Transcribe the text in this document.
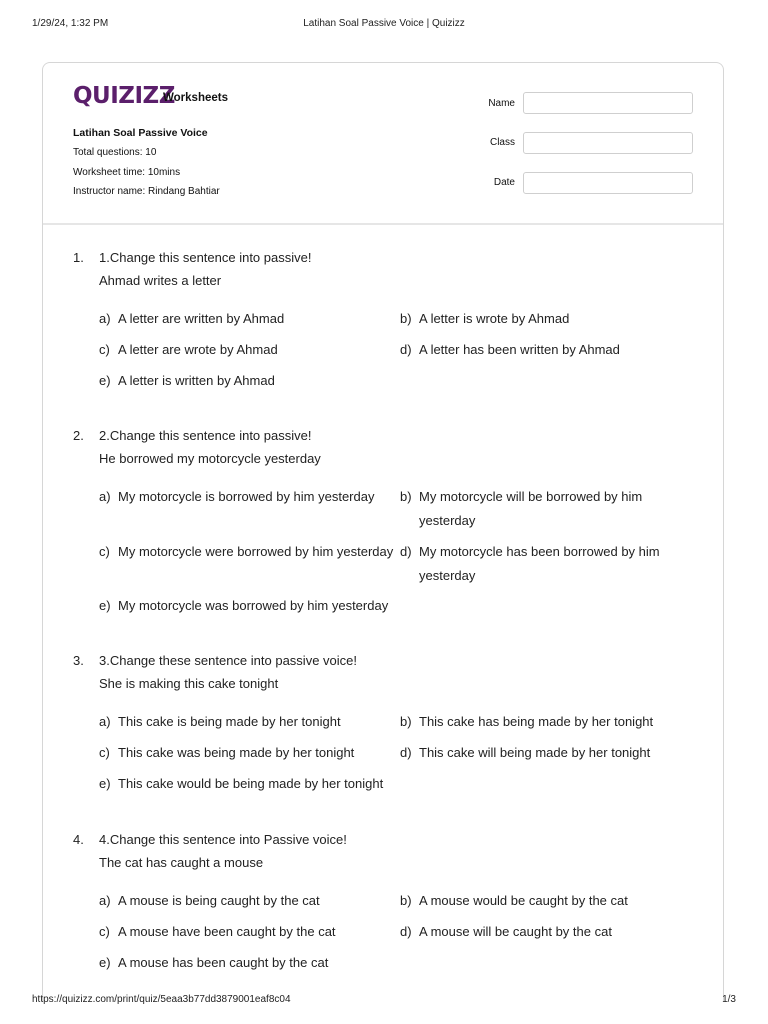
1/29/24, 1:32 PM	Latihan Soal Passive Voice | Quizizz
QUIZIZZ
Worksheets
Latihan Soal Passive Voice
Total questions: 10
Worksheet time: 10mins
Instructor name: Rindang Bahtiar
Name
Class
Date
1. 1.Change this sentence into passive!
Ahmad writes a letter
a) A letter are written by Ahmad	b) A letter is wrote by Ahmad
c) A letter are wrote by Ahmad	d) A letter has been written by Ahmad
e) A letter is written by Ahmad
2. 2.Change this sentence into passive!
He borrowed my motorcycle yesterday
a) My motorcycle is borrowed by him yesterday b) My motorcycle will be borrowed by him yesterday
c) My motorcycle were borrowed by him yesterday d) My motorcycle has been borrowed by him yesterday
e) My motorcycle was borrowed by him yesterday
3. 3.Change these sentence into passive voice!
She is making this cake tonight
a) This cake is being made by her tonight	b) This cake has being made by her tonight
c) This cake was being made by her tonight	d) This cake will being made by her tonight
e) This cake would be being made by her tonight
4. 4.Change this sentence into Passive voice!
The cat has caught a mouse
a) A mouse is being caught by the cat	b) A mouse would be caught by the cat
c) A mouse have been caught by the cat	d) A mouse will be caught by the cat
e) A mouse has been caught by the cat
https://quizizz.com/print/quiz/5eaa3b77dd3879001eaf8c04	1/3
